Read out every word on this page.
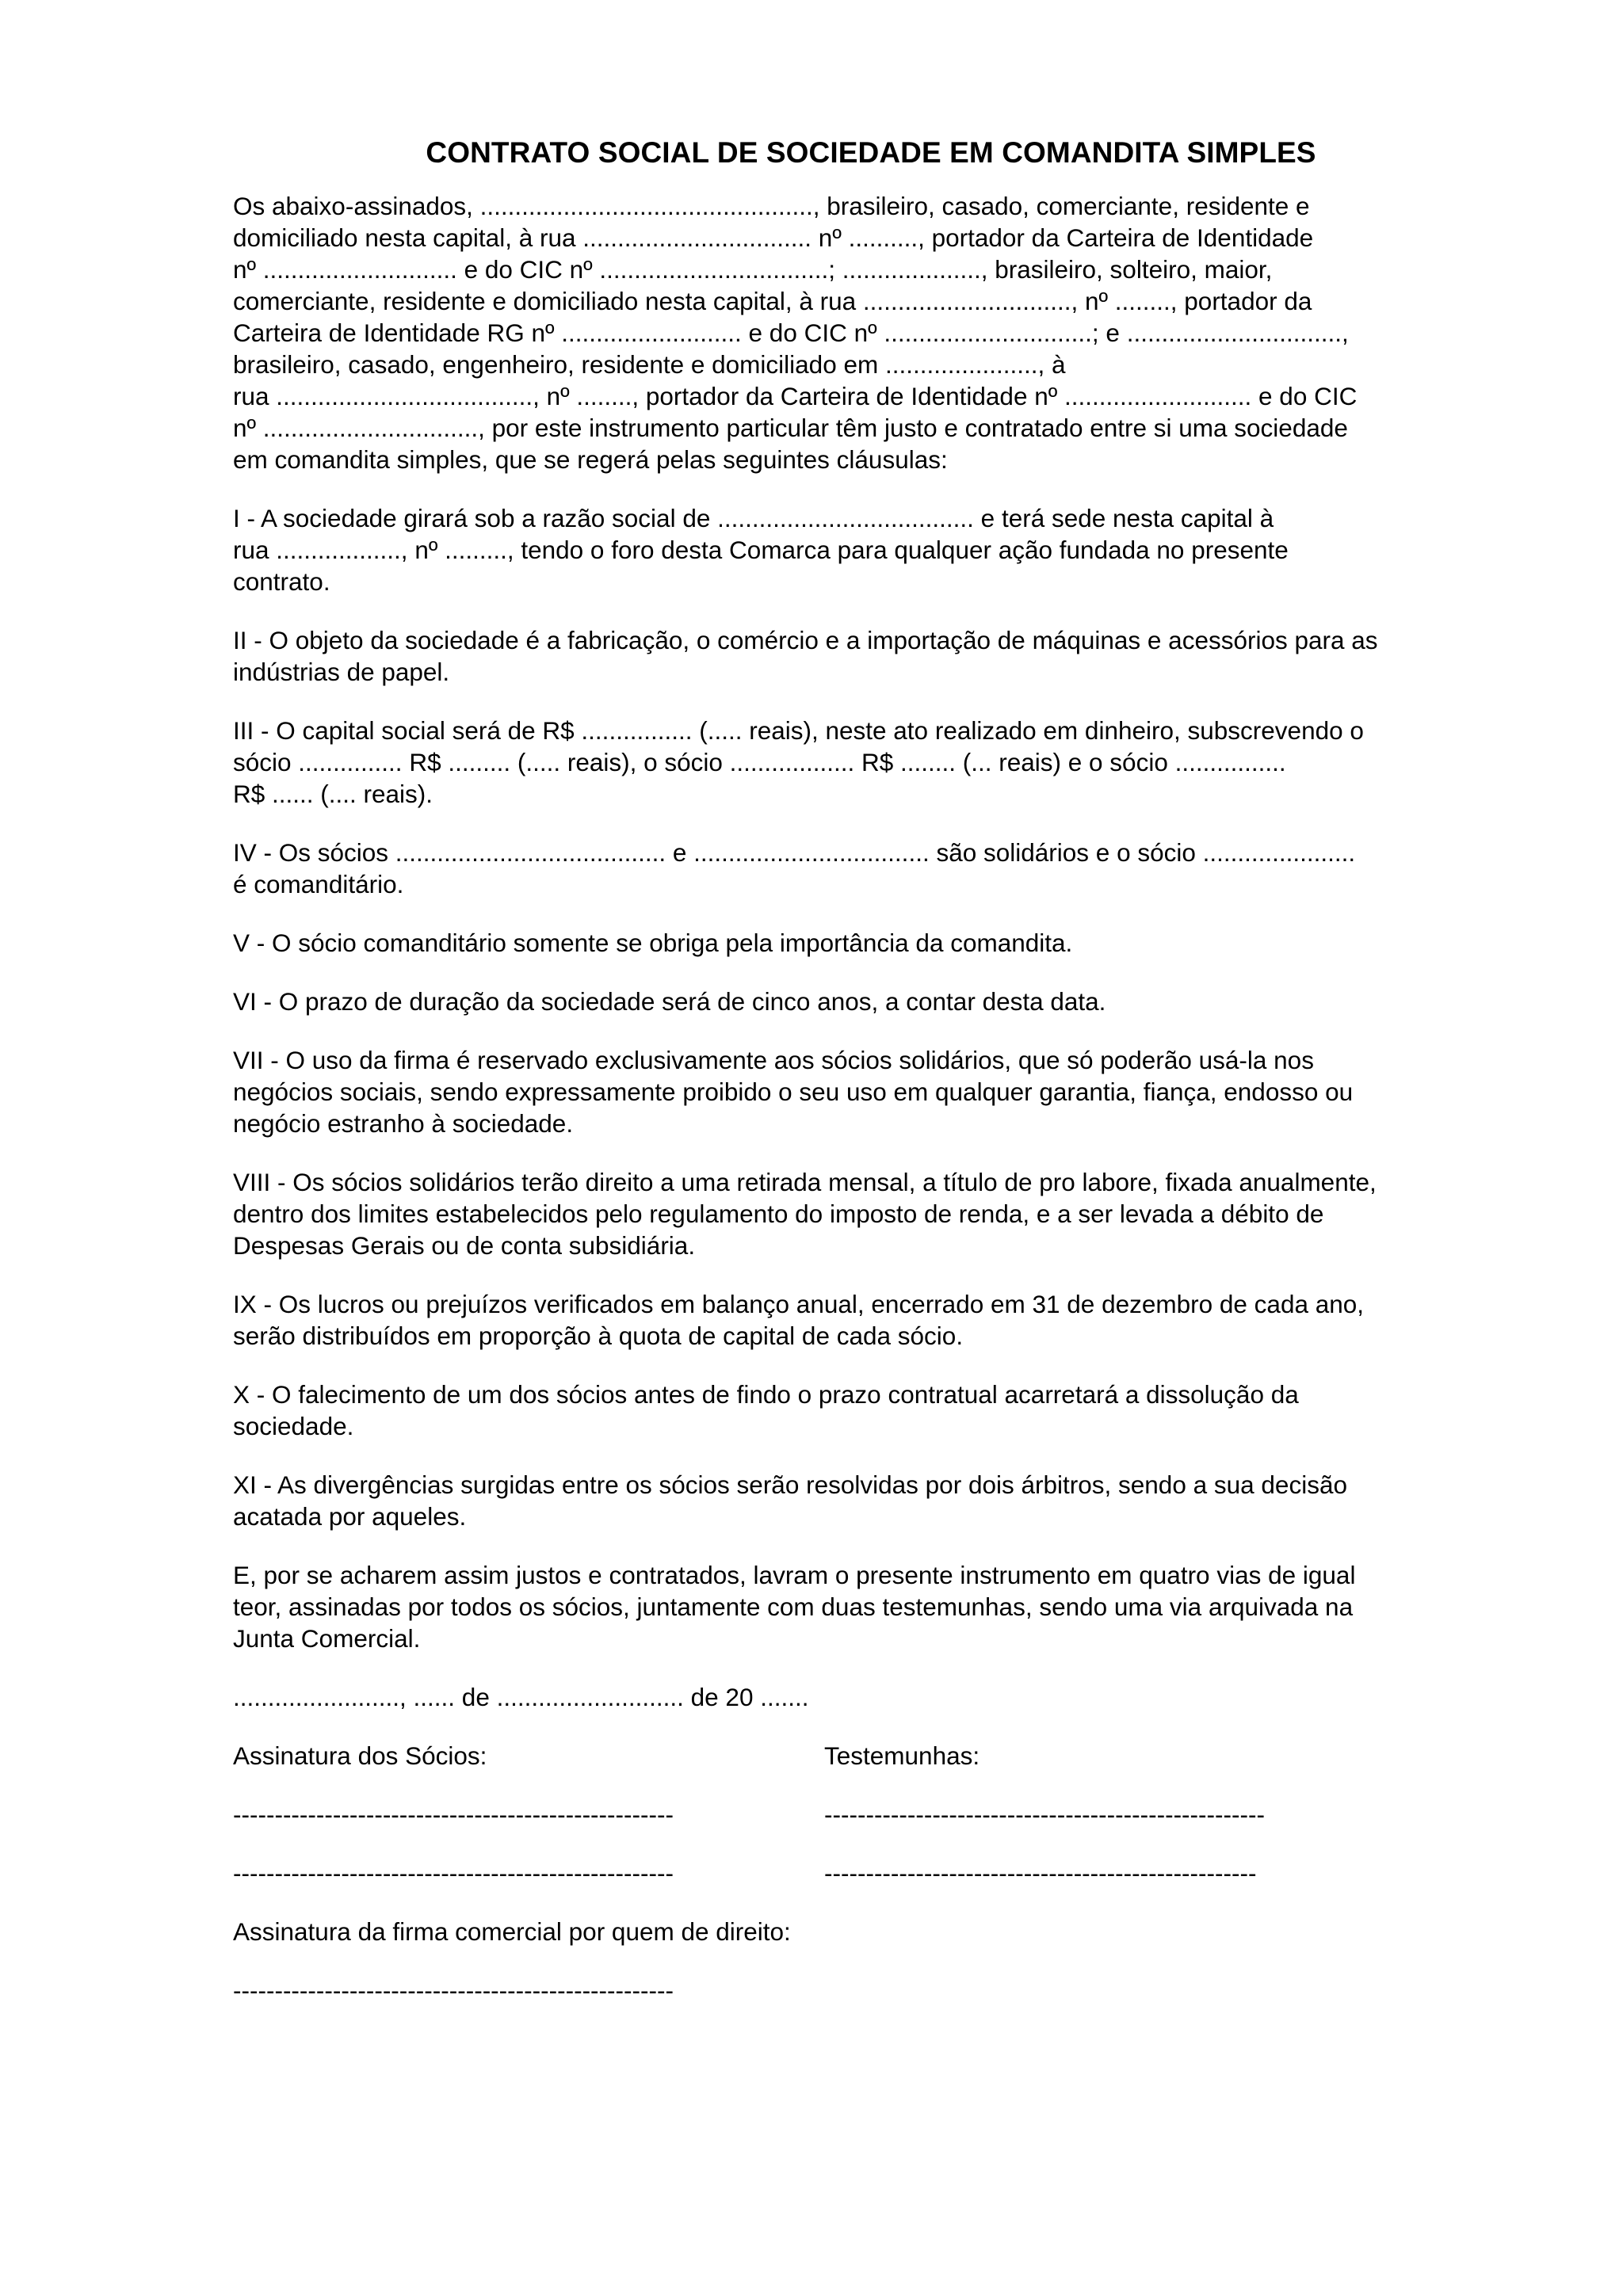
CONTRATO SOCIAL DE SOCIEDADE EM COMANDITA SIMPLES
Os abaixo-assinados, ................................................, brasileiro, casado, comerciante, residente e
domiciliado nesta capital, à rua ................................. nº .........., portador da Carteira de Identidade
nº ............................ e do CIC nº .................................; ...................., brasileiro, solteiro, maior,
comerciante, residente e domiciliado nesta capital, à rua .............................., nº ........, portador da
Carteira de Identidade RG nº .......................... e do CIC nº ..............................; e ...............................,
brasileiro, casado, engenheiro, residente e domiciliado em ......................, à
rua ....................................., nº ........, portador da Carteira de Identidade nº ........................... e do CIC
nº ..............................., por este instrumento particular têm justo e contratado entre si uma sociedade
em comandita simples, que se regerá pelas seguintes cláusulas:
I - A sociedade girará sob a razão social de ..................................... e terá sede nesta capital à
rua .................., nº ........., tendo o foro desta Comarca para qualquer ação fundada no presente
contrato.
II - O objeto da sociedade é a fabricação, o comércio e a importação de máquinas e acessórios para as
indústrias de papel.
III - O capital social será de R$ ................ (..... reais), neste ato realizado em dinheiro, subscrevendo o
sócio ............... R$ ......... (..... reais), o sócio .................. R$ ........ (... reais) e o sócio ................
R$ ...... (.... reais).
IV - Os sócios ....................................... e .................................. são solidários e o sócio ......................
é comanditário.
V - O sócio comanditário somente se obriga pela importância da comandita.
VI - O prazo de duração da sociedade será de cinco anos, a contar desta data.
VII - O uso da firma é reservado exclusivamente aos sócios solidários, que só poderão usá-la nos
negócios sociais, sendo expressamente proibido o seu uso em qualquer garantia, fiança, endosso ou
negócio estranho à sociedade.
VIII - Os sócios solidários terão direito a uma retirada mensal, a título de pro labore, fixada anualmente,
dentro dos limites estabelecidos pelo regulamento do imposto de renda, e a ser levada a débito de
Despesas Gerais ou de conta subsidiária.
IX - Os lucros ou prejuízos verificados em balanço anual, encerrado em 31 de dezembro de cada ano,
serão distribuídos em proporção à quota de capital de cada sócio.
X - O falecimento de um dos sócios antes de findo o prazo contratual acarretará a dissolução da
sociedade.
XI - As divergências surgidas entre os sócios serão resolvidas por dois árbitros, sendo a sua decisão
acatada por aqueles.
E, por se acharem assim justos e contratados, lavram o presente instrumento em quatro vias de igual
teor, assinadas por todos os sócios, juntamente com duas testemunhas, sendo uma via arquivada na
Junta Comercial.
........................, ...... de ........................... de 20 .......
Assinatura dos Sócios:	Testemunhas:
-----------------------------------------------------	-----------------------------------------------------
-----------------------------------------------------	----------------------------------------------------
Assinatura da firma comercial por quem de direito:
-----------------------------------------------------
